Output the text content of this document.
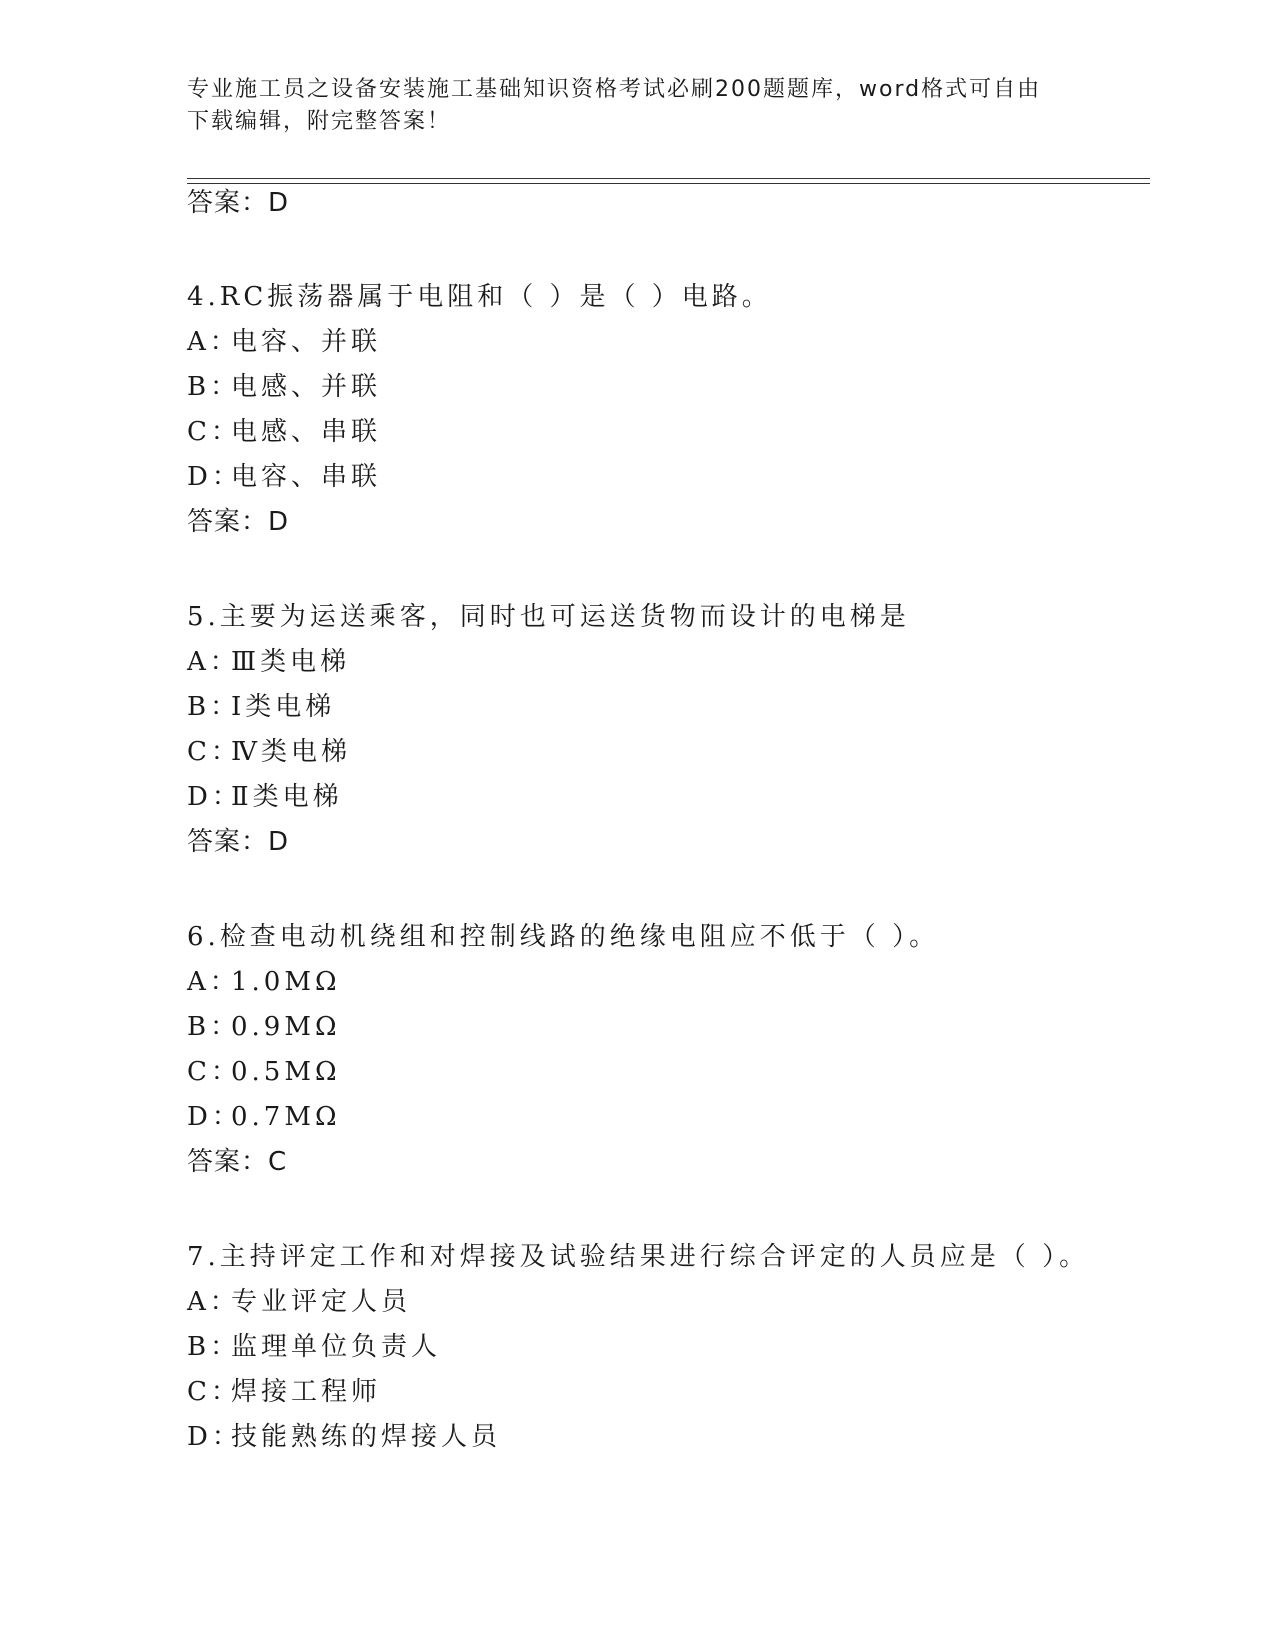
专业施工员之设备安装施工基础知识资格考试必刷200题题库，word格式可自由
下载编辑，附完整答案！
答案：D
4.RC振荡器属于电阻和（ ）是（ ）电路。
A：电容、并联
B：电感、并联
C：电感、串联
D：电容、串联
答案：D
5.主要为运送乘客，同时也可运送货物而设计的电梯是
A：Ⅲ类电梯
B：Ⅰ类电梯
C：Ⅳ类电梯
D：Ⅱ类电梯
答案：D
6.检查电动机绕组和控制线路的绝缘电阻应不低于（ ）。
A：1.0MΩ
B：0.9MΩ
C：0.5MΩ
D：0.7MΩ
答案：C
7.主持评定工作和对焊接及试验结果进行综合评定的人员应是（ ）。
A：专业评定人员
B：监理单位负责人
C：焊接工程师
D：技能熟练的焊接人员
